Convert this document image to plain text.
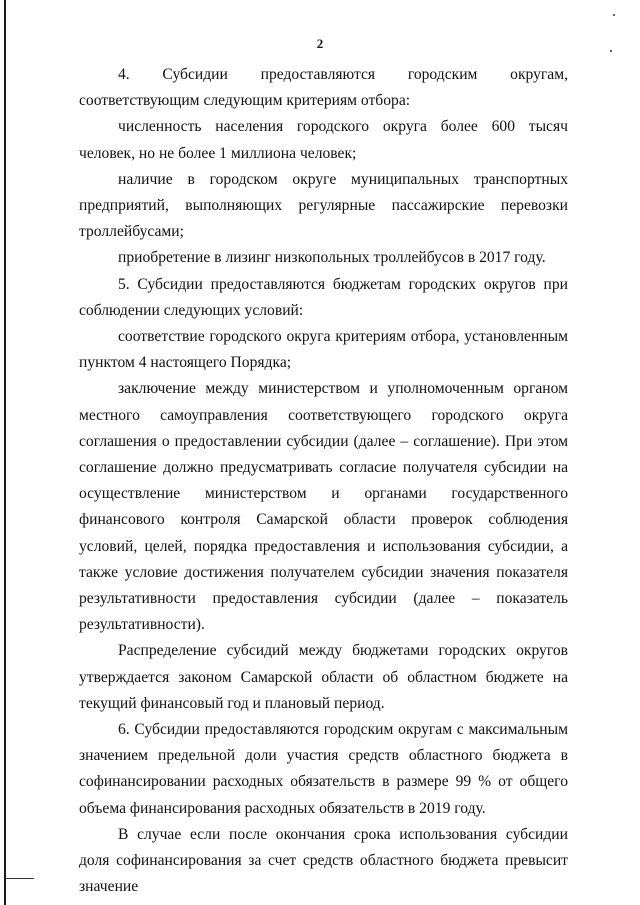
2

4. Субсидии предоставляются городским округам, соответствующим следующим критериям отбора:

численность населения городского округа более 600 тысяч человек, но не более 1 миллиона человек;

наличие в городском округе муниципальных транспортных предприятий, выполняющих регулярные пассажирские перевозки троллейбусами;

приобретение в лизинг низкопольных троллейбусов в 2017 году.

5. Субсидии предоставляются бюджетам городских округов при соблюдении следующих условий:

соответствие городского округа критериям отбора, установленным пунктом 4 настоящего Порядка;

заключение между министерством и уполномоченным органом местного самоуправления соответствующего городского округа соглашения о предоставлении субсидии (далее – соглашение). При этом соглашение должно предусматривать согласие получателя субсидии на осуществление министерством и органами государственного финансового контроля Самарской области проверок соблюдения условий, целей, порядка предоставления и использования субсидии, а также условие достижения получателем субсидии значения показателя результативности предоставления субсидии (далее – показатель результативности).

Распределение субсидий между бюджетами городских округов утверждается законом Самарской области об областном бюджете на текущий финансовый год и плановый период.

6. Субсидии предоставляются городским округам с максимальным значением предельной доли участия средств областного бюджета в софинансировании расходных обязательств в размере 99 % от общего объема финансирования расходных обязательств в 2019 году.

В случае если после окончания срока использования субсидии доля софинансирования за счет средств областного бюджета превысит значение
